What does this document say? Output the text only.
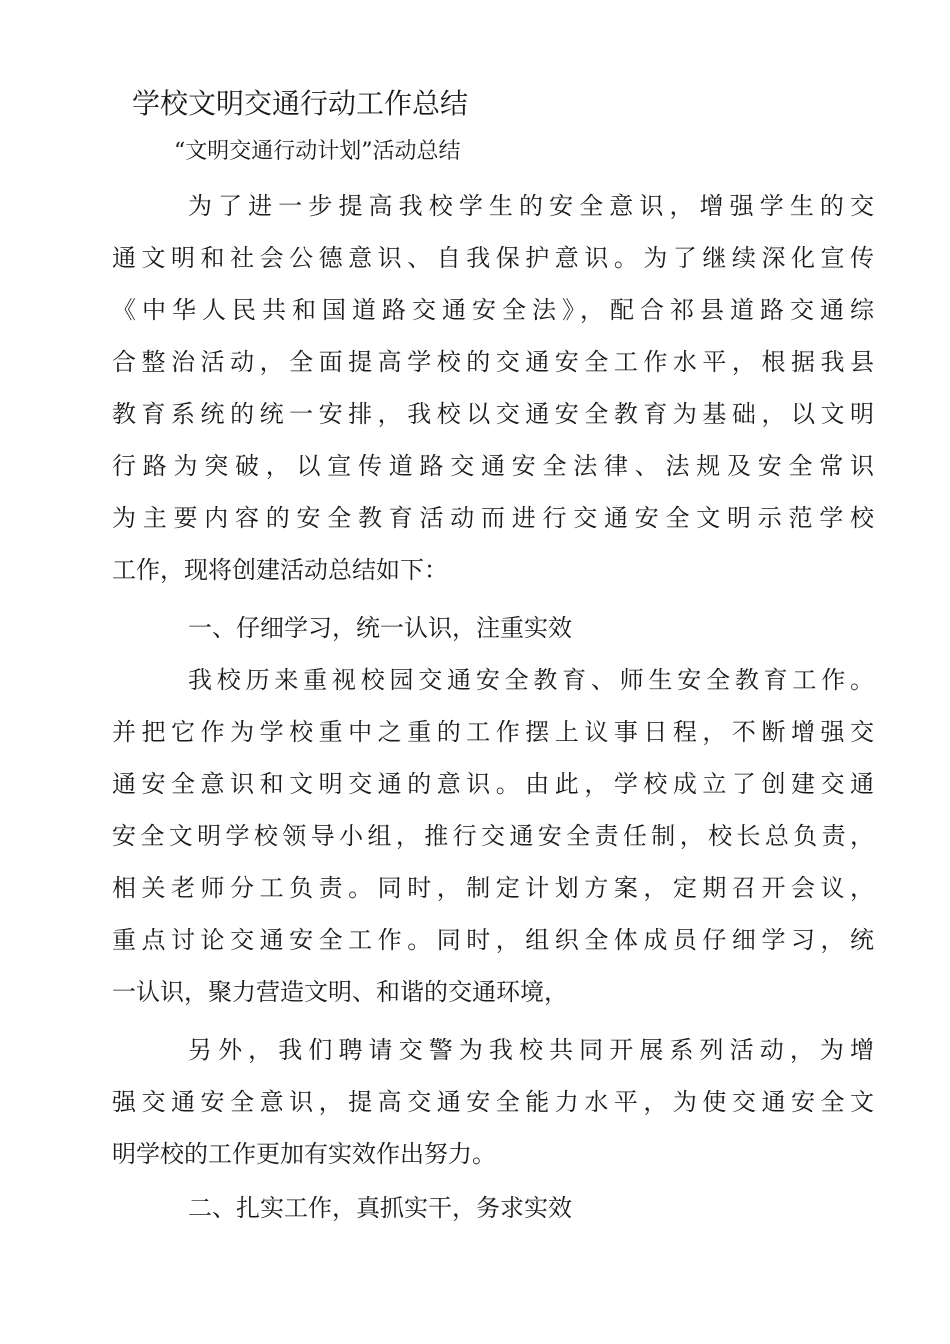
学校文明交通行动工作总结
“文明交通行动计划”活动总结
为了进一步提高我校学生的安全意识，增强学生的交
通文明和社会公德意识、自我保护意识。为了继续深化宣传
《中华人民共和国道路交通安全法》，配合祁县道路交通综
合整治活动，全面提高学校的交通安全工作水平，根据我县
教育系统的统一安排，我校以交通安全教育为基础，以文明
行路为突破，以宣传道路交通安全法律、法规及安全常识
为主要内容的安全教育活动而进行交通安全文明示范学校
工作，现将创建活动总结如下：
一、仔细学习，统一认识，注重实效
我校历来重视校园交通安全教育、师生安全教育工作。
并把它作为学校重中之重的工作摆上议事日程，不断增强交
通安全意识和文明交通的意识。由此，学校成立了创建交通
安全文明学校领导小组，推行交通安全责任制，校长总负责，
相关老师分工负责。同时，制定计划方案，定期召开会议，
重点讨论交通安全工作。同时，组织全体成员仔细学习，统
一认识，聚力营造文明、和谐的交通环境，
另外，我们聘请交警为我校共同开展系列活动，为增
强交通安全意识，提高交通安全能力水平，为使交通安全文
明学校的工作更加有实效作出努力。
二、扎实工作，真抓实干，务求实效
